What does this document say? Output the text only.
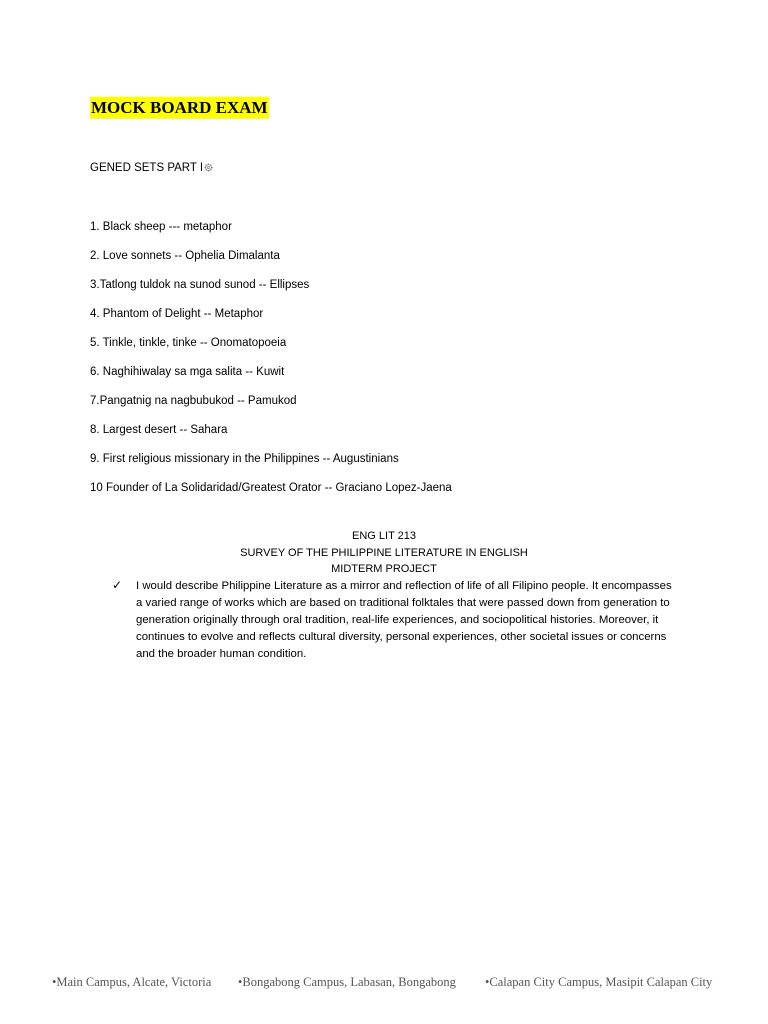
MOCK BOARD EXAM
GENED SETS PART I
1. Black sheep --- metaphor
2. Love sonnets -- Ophelia Dimalanta
3.Tatlong tuldok na sunod sunod -- Ellipses
4. Phantom of Delight -- Metaphor
5. Tinkle, tinkle, tinke -- Onomatopoeia
6. Naghihiwalay sa mga salita -- Kuwit
7.Pangatnig na nagbubukod -- Pamukod
8. Largest desert -- Sahara
9. First religious missionary in the Philippines -- Augustinians
10 Founder of La Solidaridad/Greatest Orator -- Graciano Lopez-Jaena
ENG LIT 213
SURVEY OF THE PHILIPPINE LITERATURE IN ENGLISH
MIDTERM PROJECT
✓ I would describe Philippine Literature as a mirror and reflection of life of all Filipino people. It encompasses a varied range of works which are based on traditional folktales that were passed down from generation to generation originally through oral tradition, real-life experiences, and sociopolitical histories. Moreover, it continues to evolve and reflects cultural diversity, personal experiences, other societal issues or concerns and the broader human condition.
•Main Campus, Alcate, Victoria •Bongabong Campus, Labasan, Bongabong •Calapan City Campus, Masipit Calapan City
